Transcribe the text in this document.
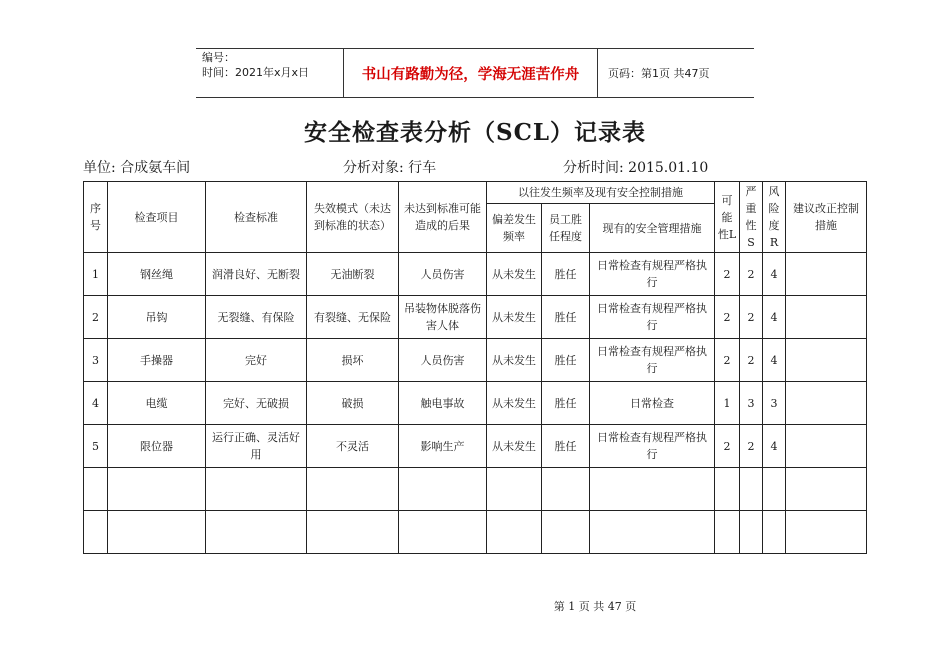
编号：
时间：2021年x月x日	书山有路勤为径，学海无涯苦作舟	页码：第1页 共47页
安全检查表分析（SCL）记录表
单位: 合成氨车间	分析对象: 行车	分析时间: 2015.01.10
序号	检查项目	检查标准	失效模式（未达到标准的状态）	未达到标准可能造成的后果	以往发生频率及现有安全控制措施			可能性L	严重性S	风险度R	建议改正控制措施
					偏差发生频率	员工胜任程度	现有的安全管理措施				
1	钢丝绳	润滑良好、无断裂	无油断裂	人员伤害	从未发生	胜任	日常检查有规程严格执行	2	2	4	
2	吊钩	无裂缝、有保险	有裂缝、无保险	吊装物体脱落伤害人体	从未发生	胜任	日常检查有规程严格执行	2	2	4	
3	手操器	完好	损坏	人员伤害	从未发生	胜任	日常检查有规程严格执行	2	2	4	
4	电缆	完好、无破损	破损	触电事故	从未发生	胜任	日常检查	1	3	3	
5	限位器	运行正确、灵活好用	不灵活	影响生产	从未发生	胜任	日常检查有规程严格执行	2	2	4	

第 1 页 共 47 页
